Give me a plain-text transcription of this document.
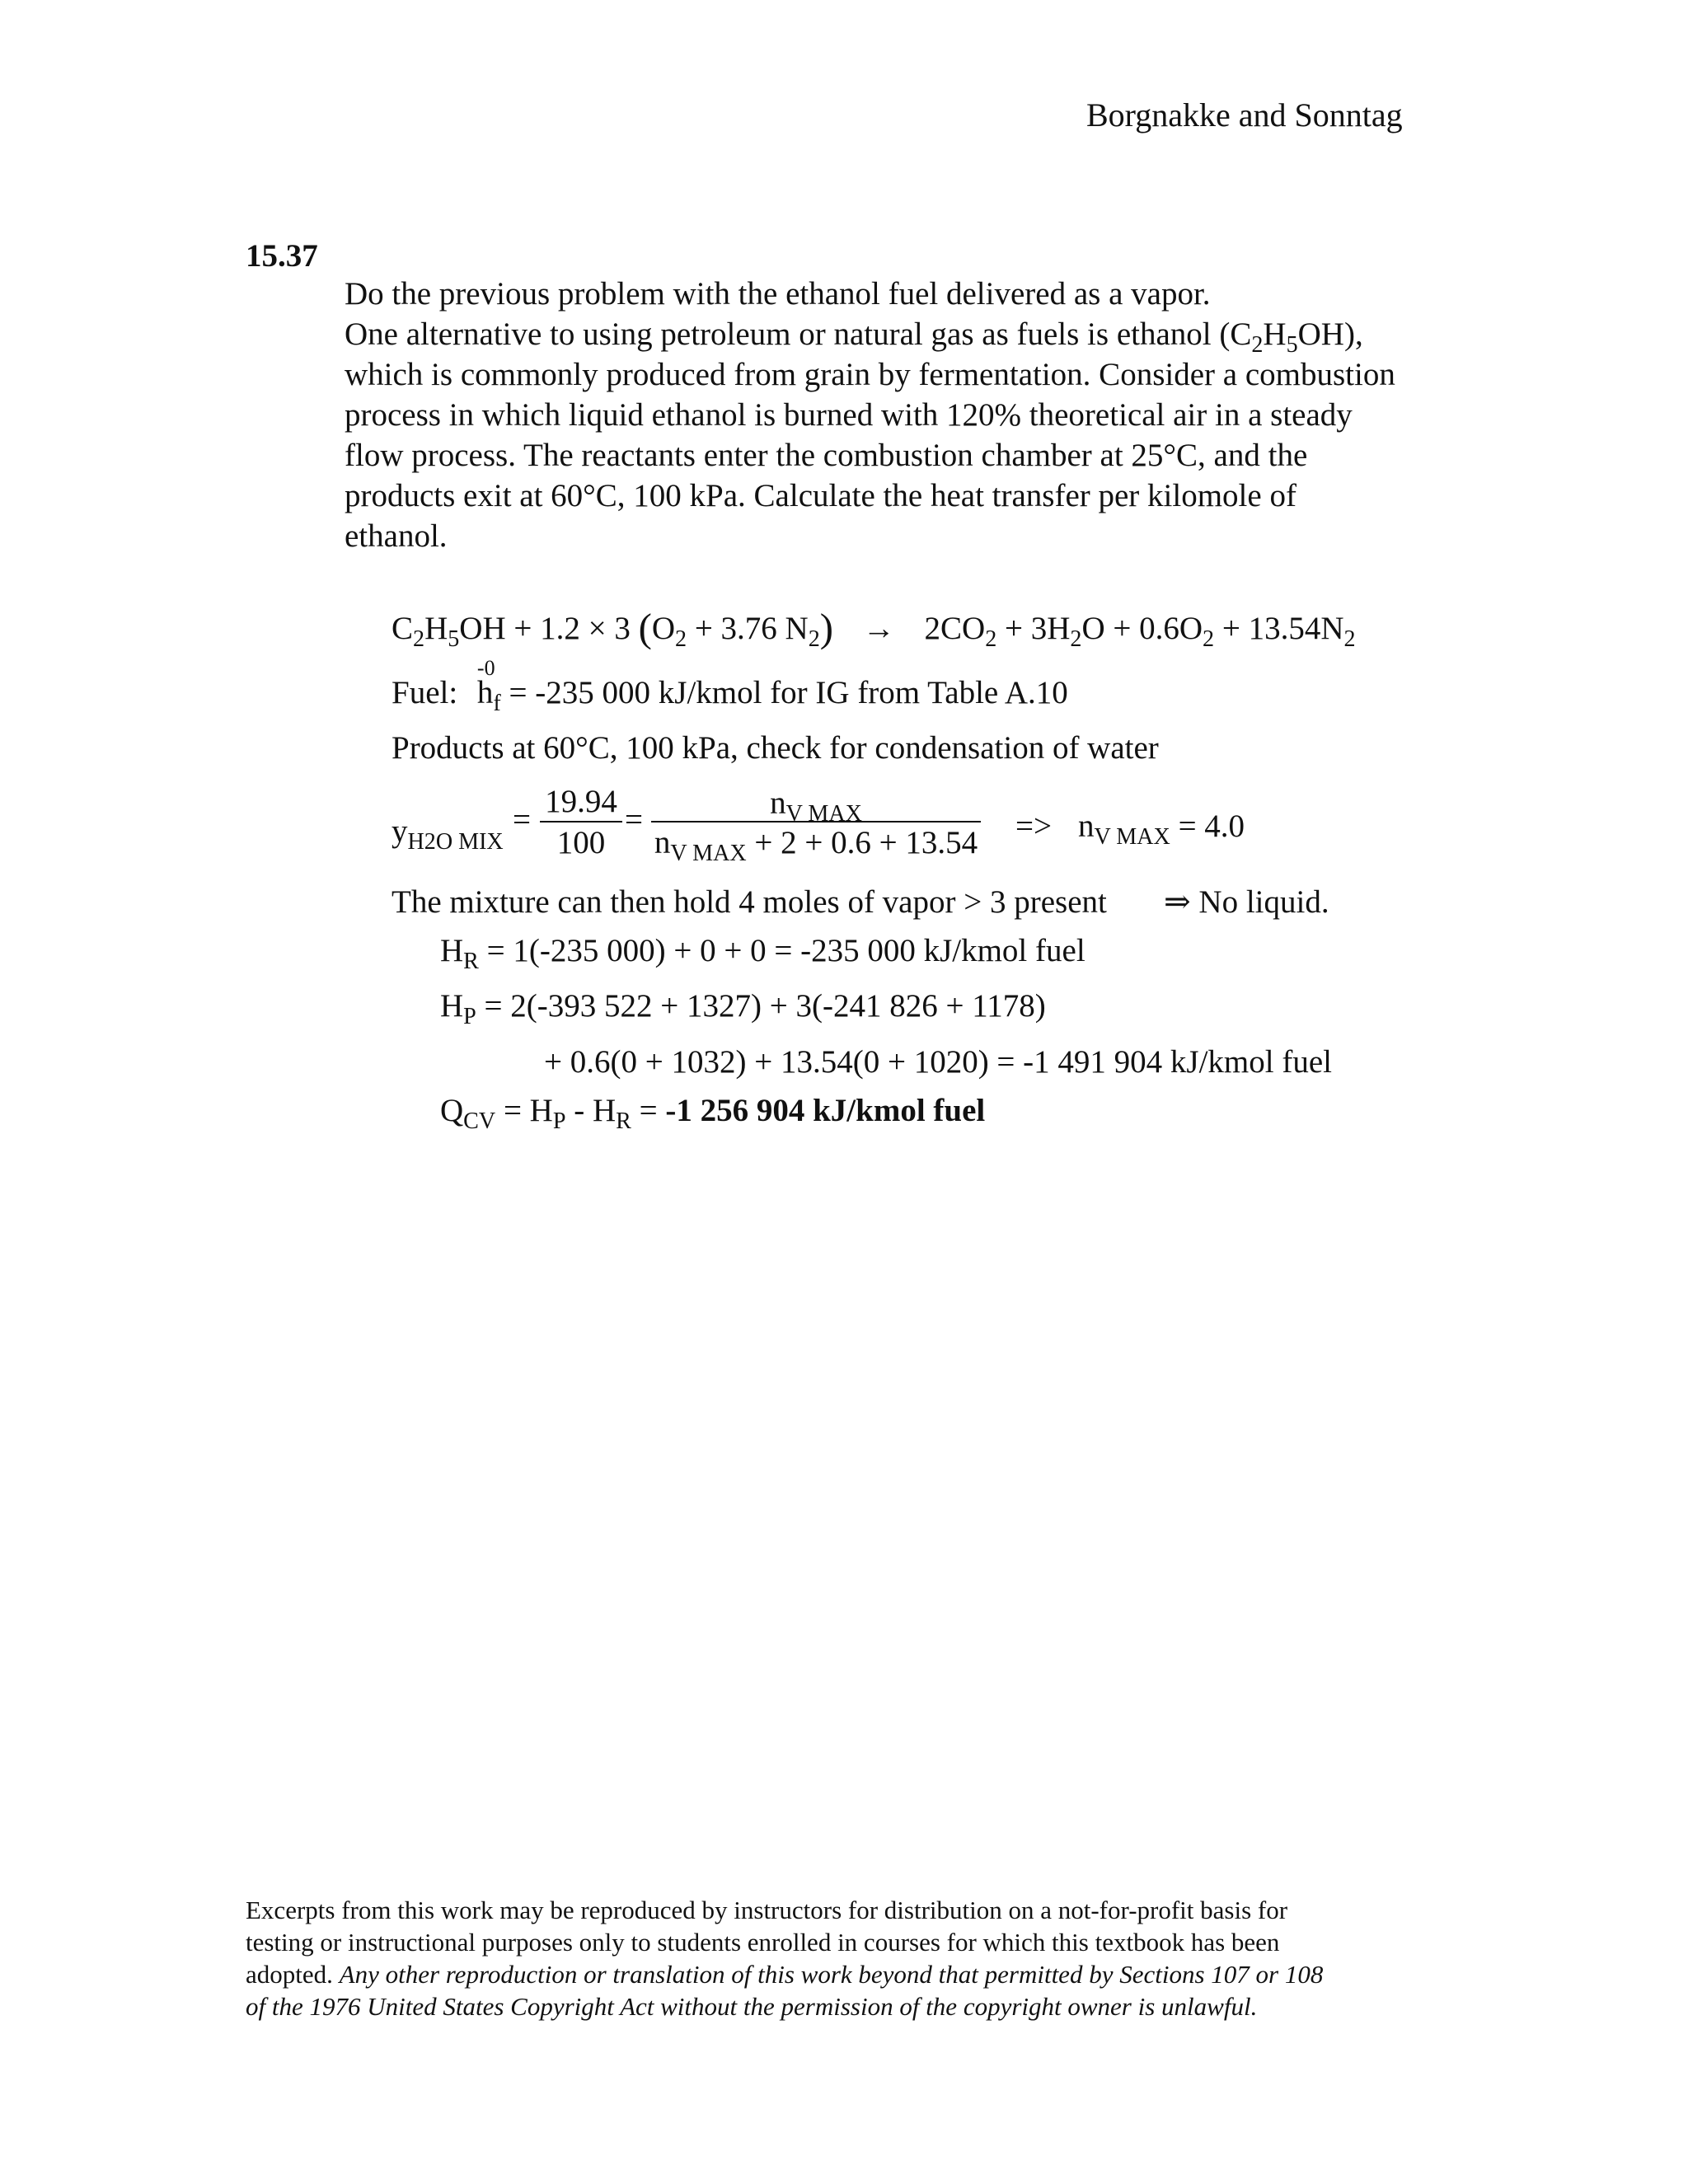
Borgnakke and Sonntag
15.37
Do the previous problem with the ethanol fuel delivered as a vapor.
One alternative to using petroleum or natural gas as fuels is ethanol $(C_2H_5OH)$,
which is commonly produced from grain by fermentation. Consider a combustion
process in which liquid ethanol is burned with 120% theoretical air in a steady
flow process. The reactants enter the combustion chamber at 25°C, and the
products exit at 60°C, 100 kPa. Calculate the heat transfer per kilomole of
ethanol.
$C_2H_5OH + 1.2 \times 3$ ($O_2 + 3.76$ $N_2) \to 2CO_2 + 3H_2O + 0.6O_2 + 13.54N_2$
Fuel: h
-0
$_f$ = -235 000 kJ/kmol for IG from Table A.10
Products at 60°C, 100 kPa, check for condensation of water
$y_{H2O MIX}$
=
19.94
100
=	$n_{V MAX}$
$n_{V MAX} + 2 + 0.6 + 13.54 => n_{V MAX} = 4.0$
The mixture can then hold 4 moles of vapor > 3 present ⇒ No liquid.
$H_R = 1(-235$ 000) + 0 + 0 = -235 000 kJ/kmol fuel
$H_P = 2(-393$ 522 + 1327) + 3(-241 826 + 1178)
+ 0.6(0 + 1032) + 13.54(0 + 1020) = -1 491 904 kJ/kmol fuel
$Q_{CV} = H_P - H_R = -1$ 256 904 kJ/kmol fuel
Excerpts from this work may be reproduced by instructors for distribution on a not-for-profit basis for
testing or instructional purposes only to students enrolled in courses for which this textbook has been
adopted. Any other reproduction or translation of this work beyond that permitted by Sections 107 or 108
of the 1976 United States Copyright Act without the permission of the copyright owner is unlawful.
